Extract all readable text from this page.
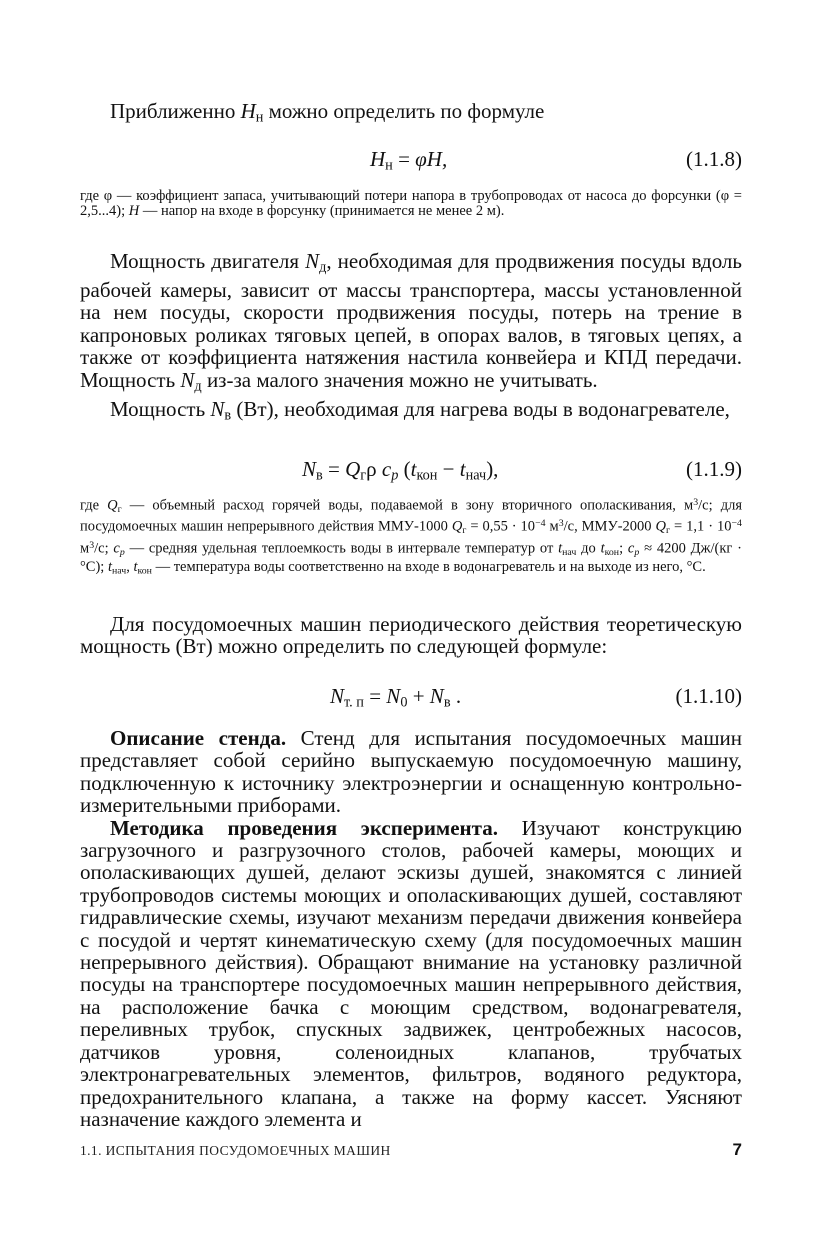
Приближенно $H_н$ можно определить по формуле

$H_н = \varphi H$,	(1.1.8)

где φ — коэффициент запаса, учитывающий потери напора в трубопроводах от насоса до форсунки (φ = 2,5...4); H — напор на входе в форсунку (принимается не менее 2 м).

Мощность двигателя $N_д$, необходимая для продвижения посуды вдоль рабочей камеры, зависит от массы транспортера, массы установленной на нем посуды, скорости продвижения посуды, потерь на трение в капроновых роликах тяговых цепей, в опорах валов, в тяговых цепях, а также от коэффициента натяжения настила конвейера и КПД передачи. Мощность $N_д$ из-за малого значения можно не учитывать.

Мощность $N_в$ (Вт), необходимая для нагрева воды в водонагревателе,

$N_в = Q_г\rho$ $c_p$ $(t_{кон} - t_{нач})$,	(1.1.9)

где $Q_г$ — объемный расход горячей воды, подаваемой в зону вторичного ополаскивания, $м^3/с$; для посудомоечных машин непрерывного действия ММУ-1000 $Q_г = 0,55 \cdot 10^{-4}$ $м^3/с$, ММУ-2000 $Q_г = 1,1 \cdot 10^{-4}$ $м^3/с$; $c_p$ — средняя удельная теплоемкость воды в интервале температур от $t_{нач}$ до $t_{кон}$; $c_p \approx 4200$ Дж/(кг · °С); $t_{нач}$, $t_{кон}$ — температура воды соответственно на входе в водонагреватель и на выходе из него, °С.

Для посудомоечных машин периодического действия теоретическую мощность (Вт) можно определить по следующей формуле:

$N_{т. п} = N_0 + N_в$ .	(1.1.10)

Описание стенда. Стенд для испытания посудомоечных машин представляет собой серийно выпускаемую посудомоечную машину, подключенную к источнику электроэнергии и оснащенную контрольно-измерительными приборами.

Методика проведения эксперимента. Изучают конструкцию загрузочного и разгрузочного столов, рабочей камеры, моющих и ополаскивающих душей, делают эскизы душей, знакомятся с линией трубопроводов системы моющих и ополаскивающих душей, составляют гидравлические схемы, изучают механизм передачи движения конвейера с посудой и чертят кинематическую схему (для посудомоечных машин непрерывного действия). Обращают внимание на установку различной посуды на транспортере посудомоечных машин непрерывного действия, на расположение бачка с моющим средством, водонагревателя, переливных трубок, спускных задвижек, центробежных насосов, датчиков уровня, соленоидных клапанов, трубчатых электронагревательных элементов, фильтров, водяного редуктора, предохранительного клапана, а также на форму кассет. Уясняют назначение каждого элемента и

1.1. ИСПЫТАНИЯ ПОСУДОМОЕЧНЫХ МАШИН	7
